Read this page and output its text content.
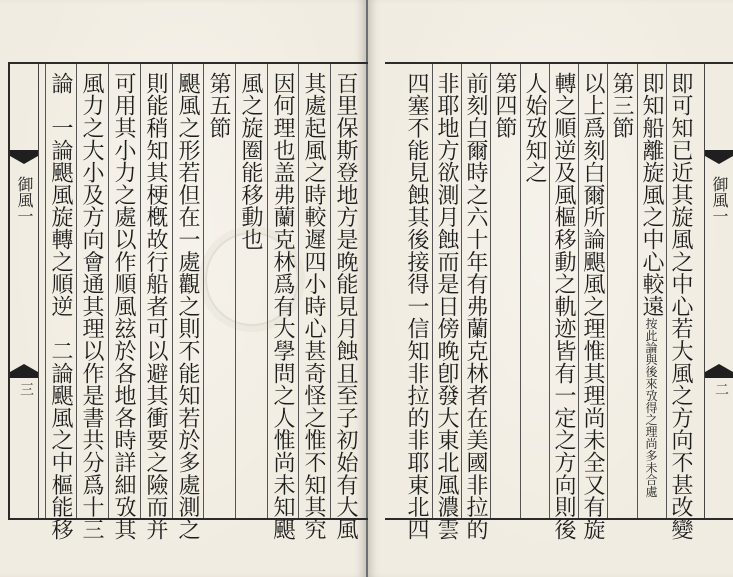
御風一
三	百里保斯登地方是晚能見月蝕且至子初始有大風
其處起風之時較遲四小時心甚奇怪之惟不知其究
因何理也盖弗蘭克林爲有大學問之人惟尚未知颶
風之旋圈能移動也
第五節
颶風之形若但在一處觀之則不能知若於多處測之
則能稍知其梗槪故行船者可以避其衝要之險而并
可用其小力之處以作順風玆於各地各時詳細攷其
風力之大小及方向會通其理以作是書共分爲十三
論　一論颶風旋轉之順逆　二論颶風之中樞能移	御風一
二
即可知已近其旋風之中心若大風之方向不甚改變
即知船離旋風之中心較遠按此論與後來攷得之理尚多未合處
第三節
以上爲刻白爾所論颶風之理惟其理尚未全又有旋
轉之順逆及風樞移動之軌迹皆有一定之方向則後
人始攷知之
第四節
前刻白爾時之六十年有弗蘭克林者在美國非拉的
非耶地方欲測月蝕而是日傍晚卽發大東北風濃雲
四塞不能見蝕其後接得一信知非拉的非耶東北四
